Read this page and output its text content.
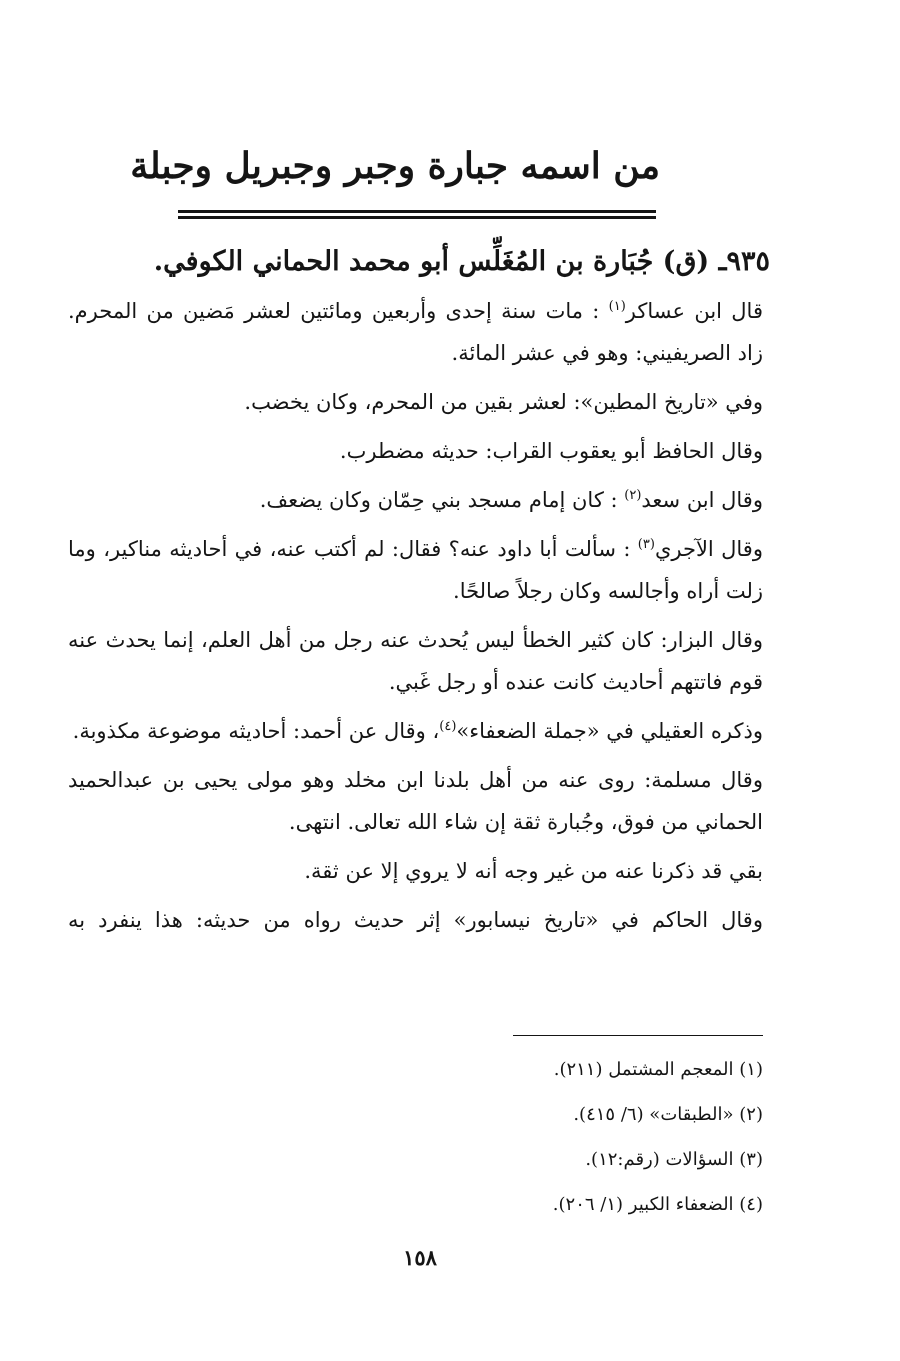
من اسمه جبارة وجبر وجبريل وجبلة
٩٣٥ـ (ق) جُبَارة بن المُغَلِّس أبو محمد الحماني الكوفي.

قال ابن عساكر$^{(١)}$ : مات سنة إحدى وأربعين ومائتين لعشر مَضين من المحرم. زاد الصريفيني: وهو في عشر المائة.

وفي «تاريخ المطين»: لعشر بقين من المحرم، وكان يخضب.

وقال الحافظ أبو يعقوب القراب: حديثه مضطرب.

وقال ابن سعد$^{(٢)}$ : كان إمام مسجد بني حِمّان وكان يضعف.

وقال الآجري$^{(٣)}$ : سألت أبا داود عنه؟ فقال: لم أكتب عنه، في أحاديثه مناكير، وما زلت أراه وأجالسه وكان رجلاً صالحًا.

وقال البزار: كان كثير الخطأ ليس يُحدث عنه رجل من أهل العلم، إنما يحدث عنه قوم فاتتهم أحاديث كانت عنده أو رجل غَبي.

وذكره العقيلي في «جملة الضعفاء»$^{(٤)}$، وقال عن أحمد: أحاديثه موضوعة مكذوبة.

وقال مسلمة: روى عنه من أهل بلدنا ابن مخلد وهو مولى يحيى بن عبدالحميد الحماني من فوق، وجُبارة ثقة إن شاء الله تعالى. انتهى.

بقي قد ذكرنا عنه من غير وجه أنه لا يروي إلا عن ثقة.

وقال الحاكم في «تاريخ نيسابور» إثر حديث رواه من حديثه: هذا ينفرد به

(١) المعجم المشتمل (٢١١).
(٢) «الطبقات» (٦/ ٤١٥).
(٣) السؤالات (رقم:١٢).
(٤) الضعفاء الكبير (١/ ٢٠٦).
١٥٨
